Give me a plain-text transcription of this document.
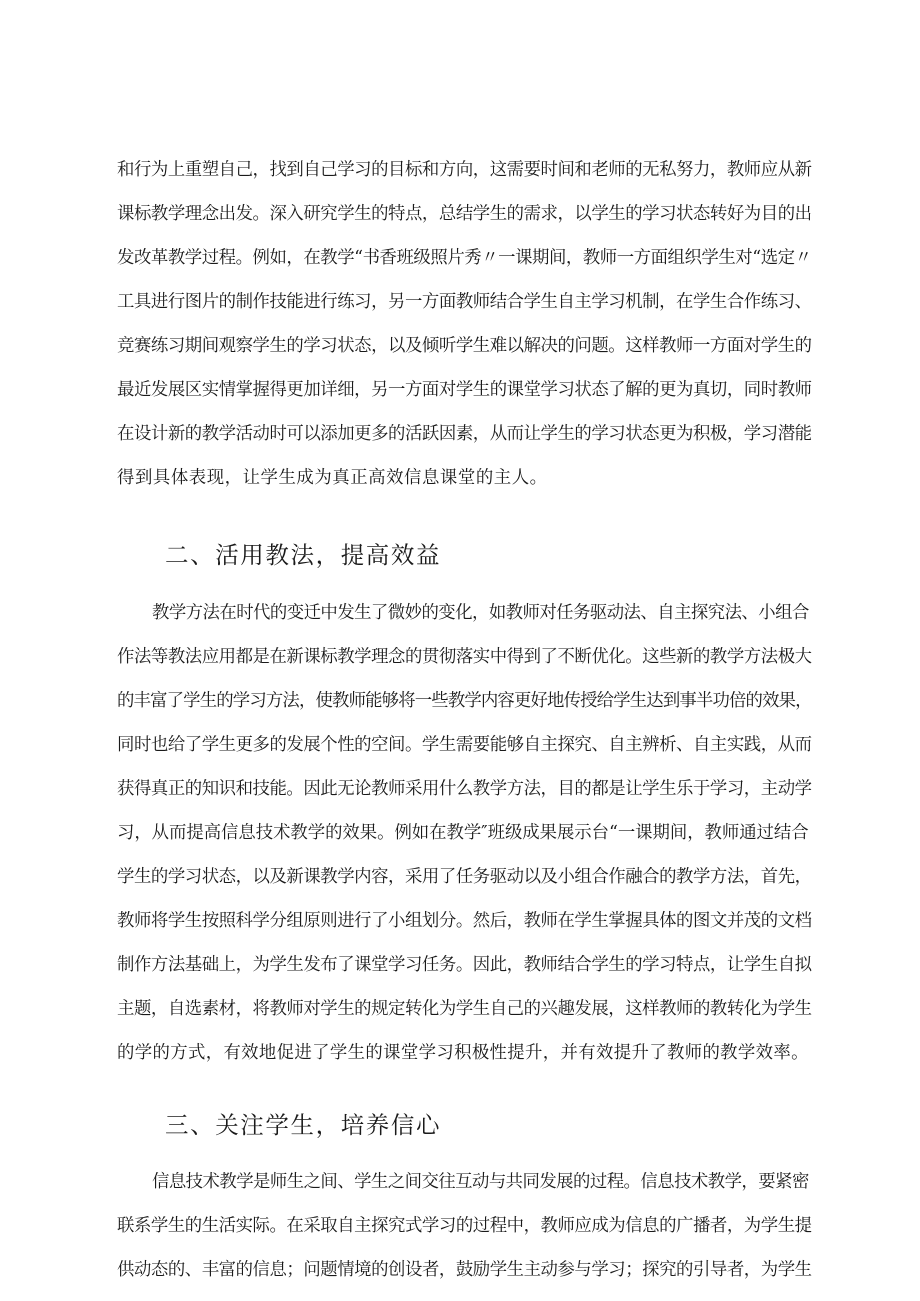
和行为上重塑自己，找到自己学习的目标和方向，这需要时间和老师的无私努力，教师应从新
课标教学理念出发。深入研究学生的特点，总结学生的需求，以学生的学习状态转好为目的出
发改革教学过程。例如，在教学“书香班级照片秀〃一课期间，教师一方面组织学生对“选定〃
工具进行图片的制作技能进行练习，另一方面教师结合学生自主学习机制，在学生合作练习、
竞赛练习期间观察学生的学习状态，以及倾听学生难以解决的问题。这样教师一方面对学生的
最近发展区实情掌握得更加详细，另一方面对学生的课堂学习状态了解的更为真切，同时教师
在设计新的教学活动时可以添加更多的活跃因素，从而让学生的学习状态更为积极，学习潜能
得到具体表现，让学生成为真正高效信息课堂的主人。
二、活用教法，提高效益
教学方法在时代的变迁中发生了微妙的变化，如教师对任务驱动法、自主探究法、小组合
作法等教法应用都是在新课标教学理念的贯彻落实中得到了不断优化。这些新的教学方法极大
的丰富了学生的学习方法，使教师能够将一些教学内容更好地传授给学生达到事半功倍的效果，
同时也给了学生更多的发展个性的空间。学生需要能够自主探究、自主辨析、自主实践，从而
获得真正的知识和技能。因此无论教师采用什么教学方法，目的都是让学生乐于学习，主动学
习，从而提高信息技术教学的效果。例如在教学″班级成果展示台“一课期间，教师通过结合
学生的学习状态，以及新课教学内容，采用了任务驱动以及小组合作融合的教学方法，首先，
教师将学生按照科学分组原则进行了小组划分。然后，教师在学生掌握具体的图文并茂的文档
制作方法基础上，为学生发布了课堂学习任务。因此，教师结合学生的学习特点，让学生自拟
主题，自选素材，将教师对学生的规定转化为学生自己的兴趣发展，这样教师的教转化为学生
的学的方式，有效地促进了学生的课堂学习积极性提升，并有效提升了教师的教学效率。
三、关注学生，培养信心
信息技术教学是师生之间、学生之间交往互动与共同发展的过程。信息技术教学，要紧密
联系学生的生活实际。在采取自主探究式学习的过程中，教师应成为信息的广播者，为学生提
供动态的、丰富的信息；问题情境的创设者，鼓励学生主动参与学习；探究的引导者，为学生
